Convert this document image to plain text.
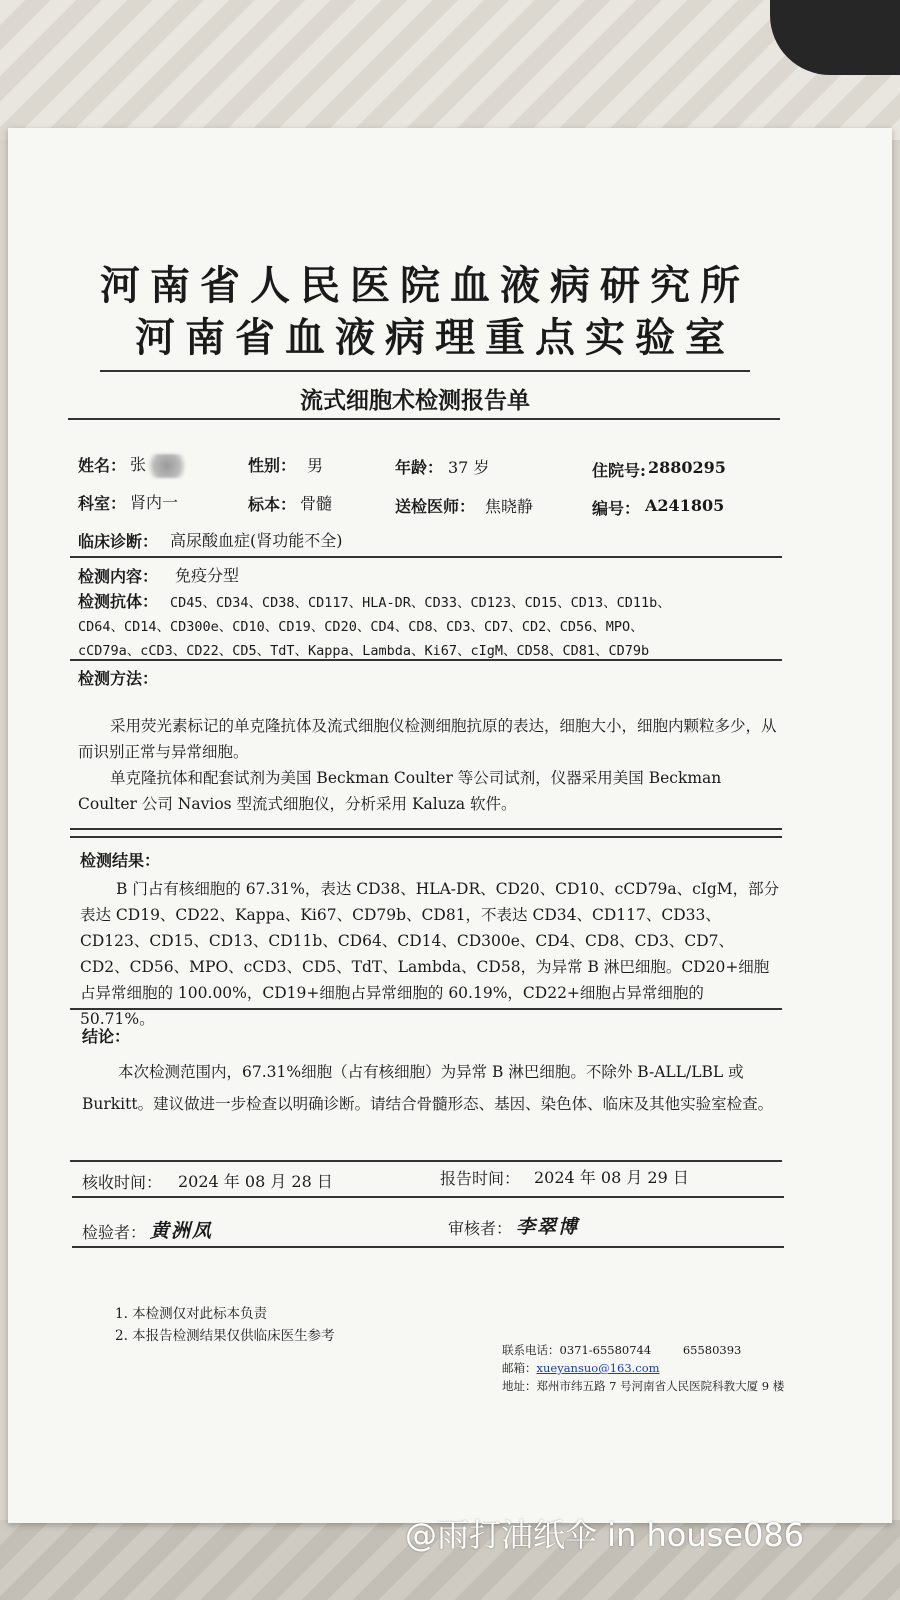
河南省人民医院血液病研究所
河南省血液病理重点实验室
流式细胞术检测报告单
姓名： 张	性别： 男	年龄： 37 岁	住院号: 2880295
科室： 肾内一	标本： 骨髓	送检医师： 焦晓静	编号： A241805
临床诊断： 高尿酸血症(肾功能不全)
检测内容： 免疫分型
检测抗体： CD45、CD34、CD38、CD117、HLA-DR、CD33、CD123、CD15、CD13、CD11b、
CD64、CD14、CD300e、CD10、CD19、CD20、CD4、CD8、CD3、CD7、CD2、CD56、MPO、
cCD79a、cCD3、CD22、CD5、TdT、Kappa、Lambda、Ki67、cIgM、CD58、CD81、CD79b
检测方法：
采用荧光素标记的单克隆抗体及流式细胞仪检测细胞抗原的表达，细胞大小，细胞内颗粒多少，从而识别正常与异常细胞。
单克隆抗体和配套试剂为美国 Beckman Coulter 等公司试剂，仪器采用美国 Beckman Coulter 公司 Navios 型流式细胞仪，分析采用 Kaluza 软件。
检测结果：
B 门占有核细胞的 67.31%，表达 CD38、HLA-DR、CD20、CD10、cCD79a、cIgM，部分表达 CD19、CD22、Kappa、Ki67、CD79b、CD81，不表达 CD34、CD117、CD33、CD123、CD15、CD13、CD11b、CD64、CD14、CD300e、CD4、CD8、CD3、CD7、CD2、CD56、MPO、cCD3、CD5、TdT、Lambda、CD58，为异常 B 淋巴细胞。CD20+细胞占异常细胞的 100.00%，CD19+细胞占异常细胞的 60.19%，CD22+细胞占异常细胞的 50.71%。
结论：
本次检测范围内，67.31%细胞（占有核细胞）为异常 B 淋巴细胞。不除外 B-ALL/LBL 或 Burkitt。建议做进一步检查以明确诊断。请结合骨髓形态、基因、染色体、临床及其他实验室检查。
核收时间： 2024 年 08 月 28 日	报告时间： 2024 年 08 月 29 日
检验者： 黄洲凤	审核者： 李翠博
1. 本检测仅对此标本负责
2. 本报告检测结果仅供临床医生参考
联系电话：0371-65580744	65580393
邮箱：xueyansuo@163.com
地址：郑州市纬五路 7 号河南省人民医院科教大厦 9 楼
@雨打油纸伞 in house086
